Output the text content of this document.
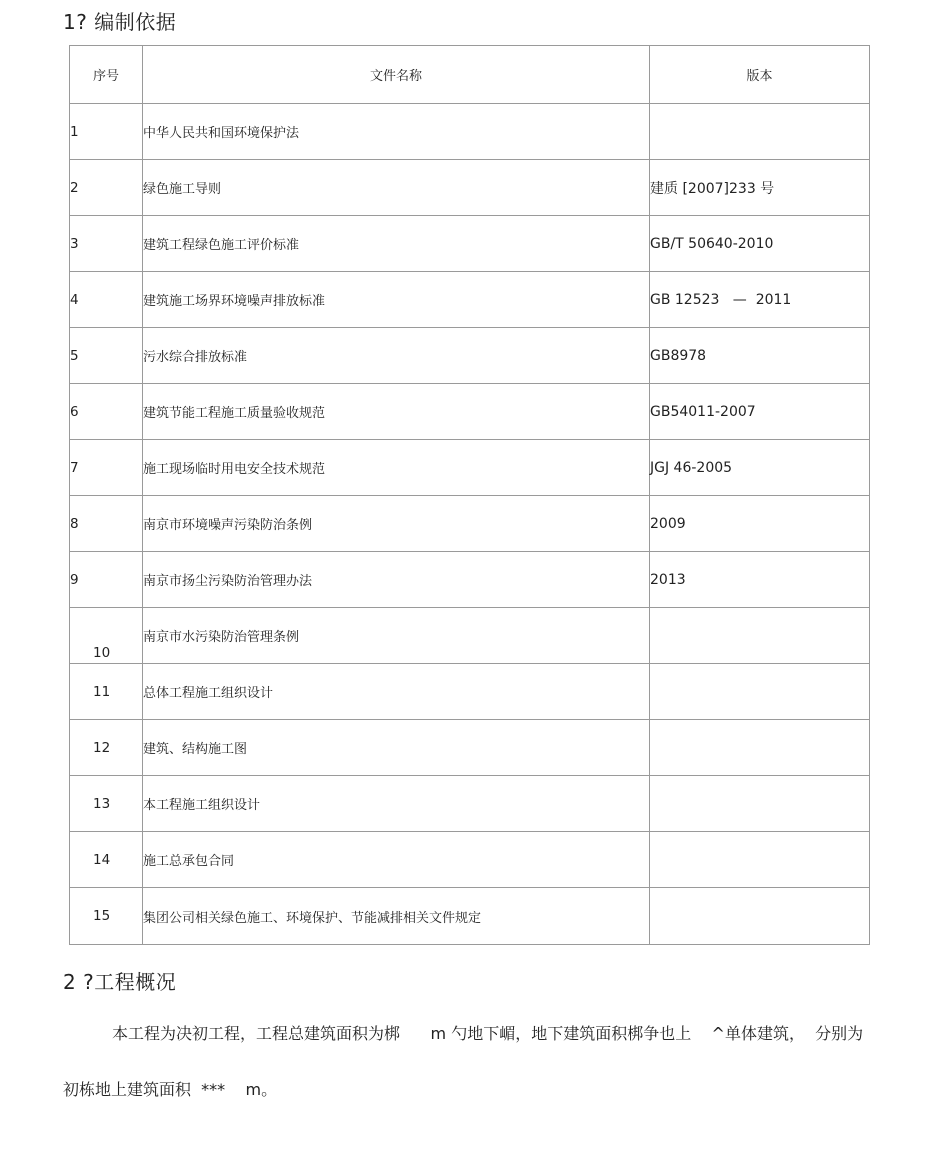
1? 编制依据
序号	文件名称	版本
1	中华人民共和国环境保护法	
2	绿色施工导则	建质 [2007]233 号
3	建筑工程绿色施工评价标准	GB/T 50640-2010
4	建筑施工场界环境噪声排放标准	GB 12523   —  2011
5	污水综合排放标准	GB8978
6	建筑节能工程施工质量验收规范	GB54011-2007
7	施工现场临时用电安全技术规范	JGJ 46-2005
8	南京市环境噪声污染防治条例	2009
9	南京市扬尘污染防治管理办法	2013
10	南京市水污染防治管理条例	
11	总体工程施工组织设计	
12	建筑、结构施工图	
13	本工程施工组织设计	
14	施工总承包合同	
15	集团公司相关绿色施工、环境保护、节能减排相关文件规定	
2 ?工程概况

本工程为决初工程，工程总建筑面积为梆      m 勺地下嵋，地下建筑面积梆争也上    ^单体建筑，  分别为

初栋地上建筑面积  ***    m。
